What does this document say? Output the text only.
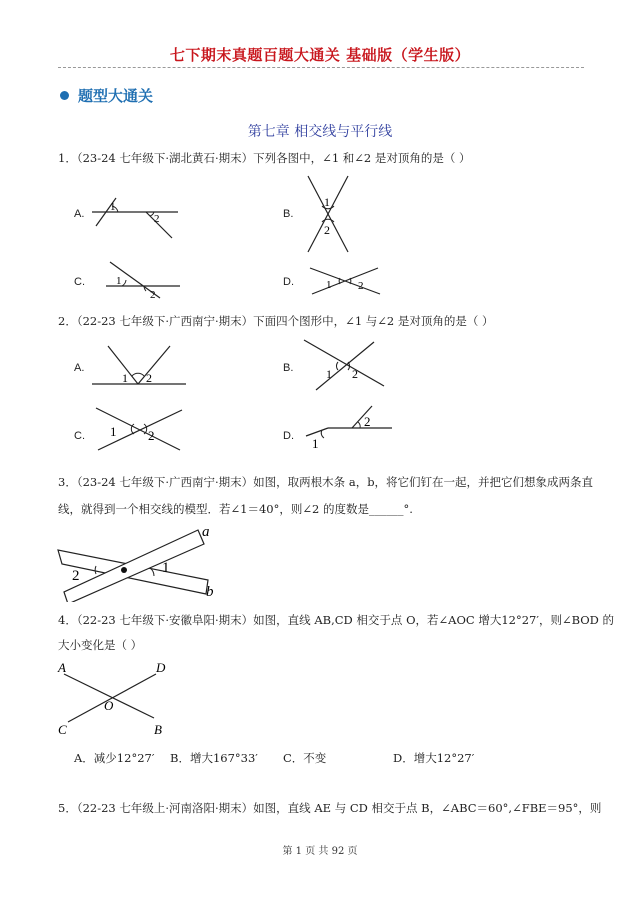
七下期末真题百题大通关 基础版（学生版）
题型大通关
第七章 相交线与平行线
1．（23-24 七年级下·湖北黄石·期末）下列各图中，∠1 和∠2 是对顶角的是（ ）
A.
1
2	B.
1
2
C.	1
2
D.	1 2
2．（22-23 七年级下·广西南宁·期末）下面四个图形中，∠1 与∠2 是对顶角的是（ ）
A.
1 2
B.	1 2
C. 1 2	D. 1
2
3．（23-24 七年级下·广西南宁·期末）如图，取两根木条 a，b，将它们钉在一起，并把它们想象成两条直
线，就得到一个相交线的模型．若∠1＝40°，则∠2 的度数是______°.
a
b
2	1
4．（22-23 七年级下·安徽阜阳·期末）如图，直线 AB,CD 相交于点 O，若∠AOC 增大12°27′，则∠BOD 的
大小变化是（ ）
A	D
C	B
O
A．减少12°27′ B．增大167°33′ C．不变	D．增大12°27′
5．（22-23 七年级上·河南洛阳·期末）如图，直线 AE 与 CD 相交于点 B，∠ABC＝60°,∠FBE＝95°，则
第 1 页 共 92 页
